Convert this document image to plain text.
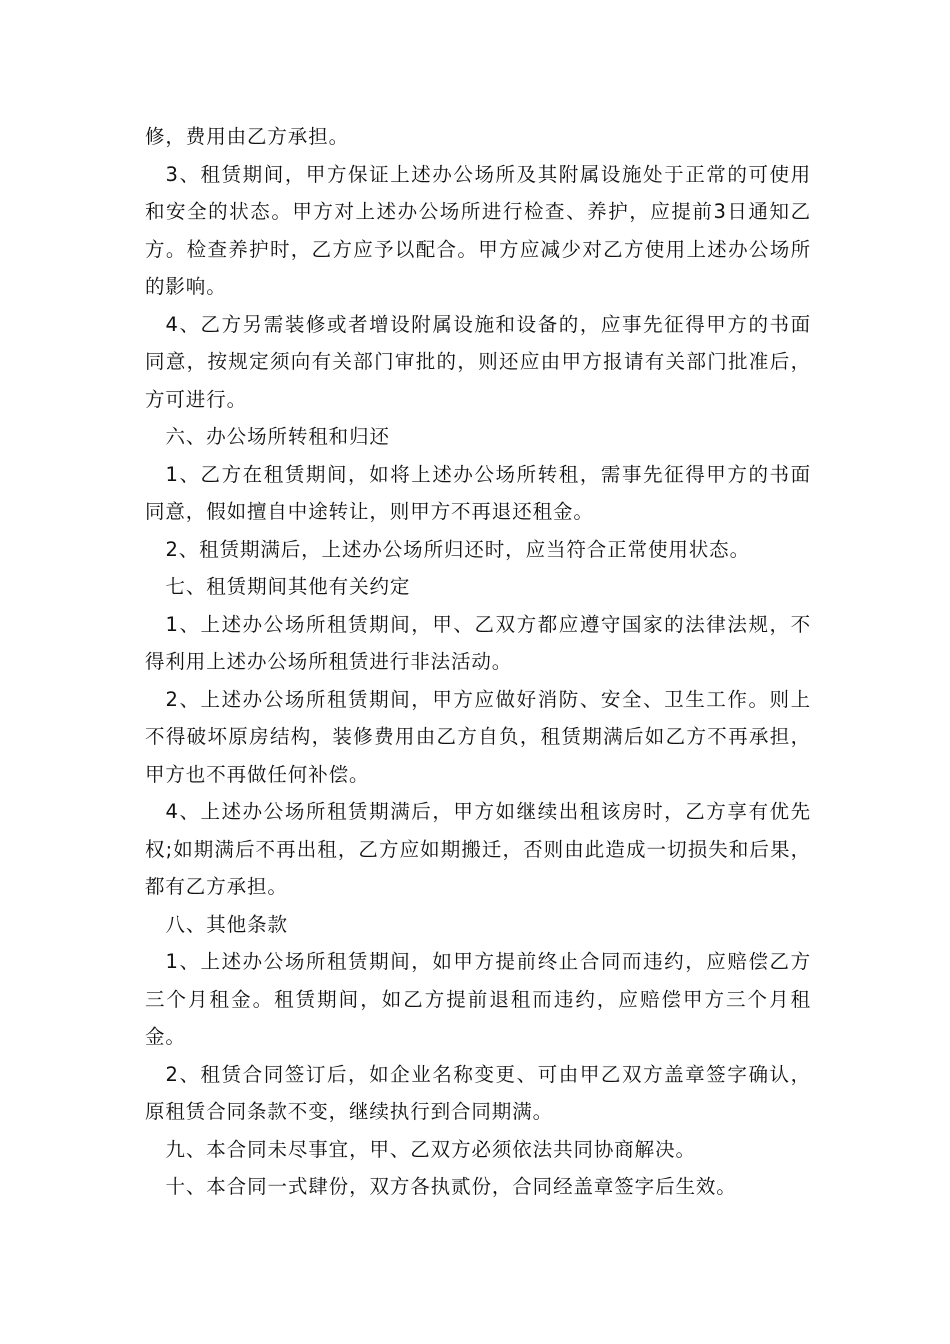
修，费用由乙方承担。

3、租赁期间，甲方保证上述办公场所及其附属设施处于正常的可使用和安全的状态。甲方对上述办公场所进行检查、养护，应提前3日通知乙方。检查养护时，乙方应予以配合。甲方应减少对乙方使用上述办公场所的影响。

4、乙方另需装修或者增设附属设施和设备的，应事先征得甲方的书面同意，按规定须向有关部门审批的，则还应由甲方报请有关部门批准后，方可进行。

六、办公场所转租和归还

1、乙方在租赁期间，如将上述办公场所转租，需事先征得甲方的书面同意，假如擅自中途转让，则甲方不再退还租金。

2、租赁期满后，上述办公场所归还时，应当符合正常使用状态。

七、租赁期间其他有关约定

1、上述办公场所租赁期间，甲、乙双方都应遵守国家的法律法规，不得利用上述办公场所租赁进行非法活动。

2、上述办公场所租赁期间，甲方应做好消防、安全、卫生工作。则上不得破坏原房结构，装修费用由乙方自负，租赁期满后如乙方不再承担，甲方也不再做任何补偿。

4、上述办公场所租赁期满后，甲方如继续出租该房时，乙方享有优先权;如期满后不再出租，乙方应如期搬迁，否则由此造成一切损失和后果，都有乙方承担。

八、其他条款

1、上述办公场所租赁期间，如甲方提前终止合同而违约，应赔偿乙方三个月租金。租赁期间，如乙方提前退租而违约，应赔偿甲方三个月租金。

2、租赁合同签订后，如企业名称变更、可由甲乙双方盖章签字确认，原租赁合同条款不变，继续执行到合同期满。

九、本合同未尽事宜，甲、乙双方必须依法共同协商解决。

十、本合同一式肆份，双方各执贰份，合同经盖章签字后生效。
